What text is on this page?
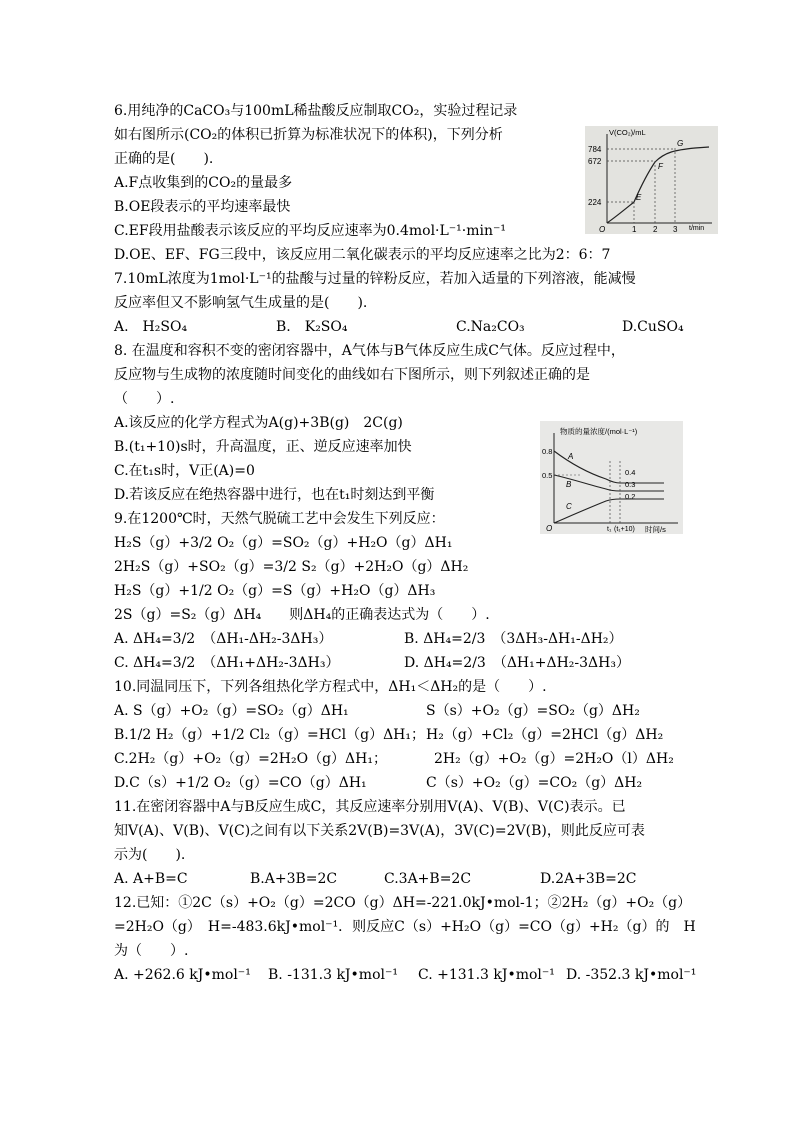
6.用纯净的CaCO₃与100mL稀盐酸反应制取CO₂，实验过程记录
如右图所示(CO₂的体积已折算为标准状况下的体积)，下列分析
正确的是(　　).
A.F点收集到的CO₂的量最多
B.OE段表示的平均速率最快
C.EF段用盐酸表示该反应的平均反应速率为0.4mol·L⁻¹·min⁻¹
D.OE、EF、FG三段中，该反应用二氧化碳表示的平均反应速率之比为2：6：7
V(CO₂)/mL
t/min
784
672
224
O	1 2 3
E
F
G
7.10mL浓度为1mol·L⁻¹的盐酸与过量的锌粉反应，若加入适量的下列溶液，能减慢
反应率但又不影响氢气生成量的是(　　).
A.　H₂SO₄	B.　K₂SO₄	C.Na₂CO₃	D.CuSO₄
8. 在温度和容积不变的密闭容器中，A气体与B气体反应生成C气体。反应过程中，
反应物与生成物的浓度随时间变化的曲线如右下图所示，则下列叙述正确的是
（　　）.
A.该反应的化学方程式为A(g)+3B(g)　2C(g)
B.(t₁+10)s时，升高温度，正、逆反应速率加快
C.在t₁s时，V正(A)=0
D.若该反应在绝热容器中进行，也在t₁时刻达到平衡
物质的量浓度/(mol·L⁻¹)
时间/s
0.8
0.5	0.4
0.3
0.2
O	t₁ (t₁+10)
A
B
C
9.在1200℃时，天然气脱硫工艺中会发生下列反应：
H₂S（g）+3/2 O₂（g）=SO₂（g）+H₂O（g）ΔH₁
2H₂S（g）+SO₂（g）=3/2 S₂（g）+2H₂O（g）ΔH₂
H₂S（g）+1/2 O₂（g）=S（g）+H₂O（g）ΔH₃
2S（g）=S₂（g）ΔH₄　　则ΔH₄的正确表达式为（　　）.
A. ΔH₄=3/2　（ΔH₁-ΔH₂-3ΔH₃）	B. ΔH₄=2/3　（3ΔH₃-ΔH₁-ΔH₂）
C. ΔH₄=3/2　（ΔH₁+ΔH₂-3ΔH₃）	D. ΔH₄=2/3　（ΔH₁+ΔH₂-3ΔH₃）
10.同温同压下，下列各组热化学方程式中，ΔH₁＜ΔH₂的是（　　）.
A. S（g）+O₂（g）=SO₂（g）ΔH₁	S（s）+O₂（g）=SO₂（g）ΔH₂
B.1/2 H₂（g）+1/2 Cl₂（g）=HCl（g）ΔH₁； H₂（g）+Cl₂（g）=2HCl（g）ΔH₂
C.2H₂（g）+O₂（g）=2H₂O（g）ΔH₁；	2H₂（g）+O₂（g）=2H₂O（l）ΔH₂
D.C（s）+1/2 O₂（g）=CO（g）ΔH₁	C（s）+O₂（g）=CO₂（g）ΔH₂
11.在密闭容器中A与B反应生成C，其反应速率分别用V(A)、V(B)、V(C)表示。已
知V(A)、V(B)、V(C)之间有以下关系2V(B)=3V(A)，3V(C)=2V(B)，则此反应可表
示为(　　).
A. A+B=C	B.A+3B=2C	C.3A+B=2C	D.2A+3B=2C
12.已知：①2C（s）+O₂（g）=2CO（g）ΔH=-221.0kJ•mol-1；②2H₂（g）+O₂（g）
=2H₂O（g）　H=-483.6kJ•mol⁻¹．则反应C（s）+H₂O（g）=CO（g）+H₂（g）的　H
为（　　）.
A. +262.6 kJ•mol⁻¹ B. -131.3 kJ•mol⁻¹ C. +131.3 kJ•mol⁻¹ D. -352.3 kJ•mol⁻¹
